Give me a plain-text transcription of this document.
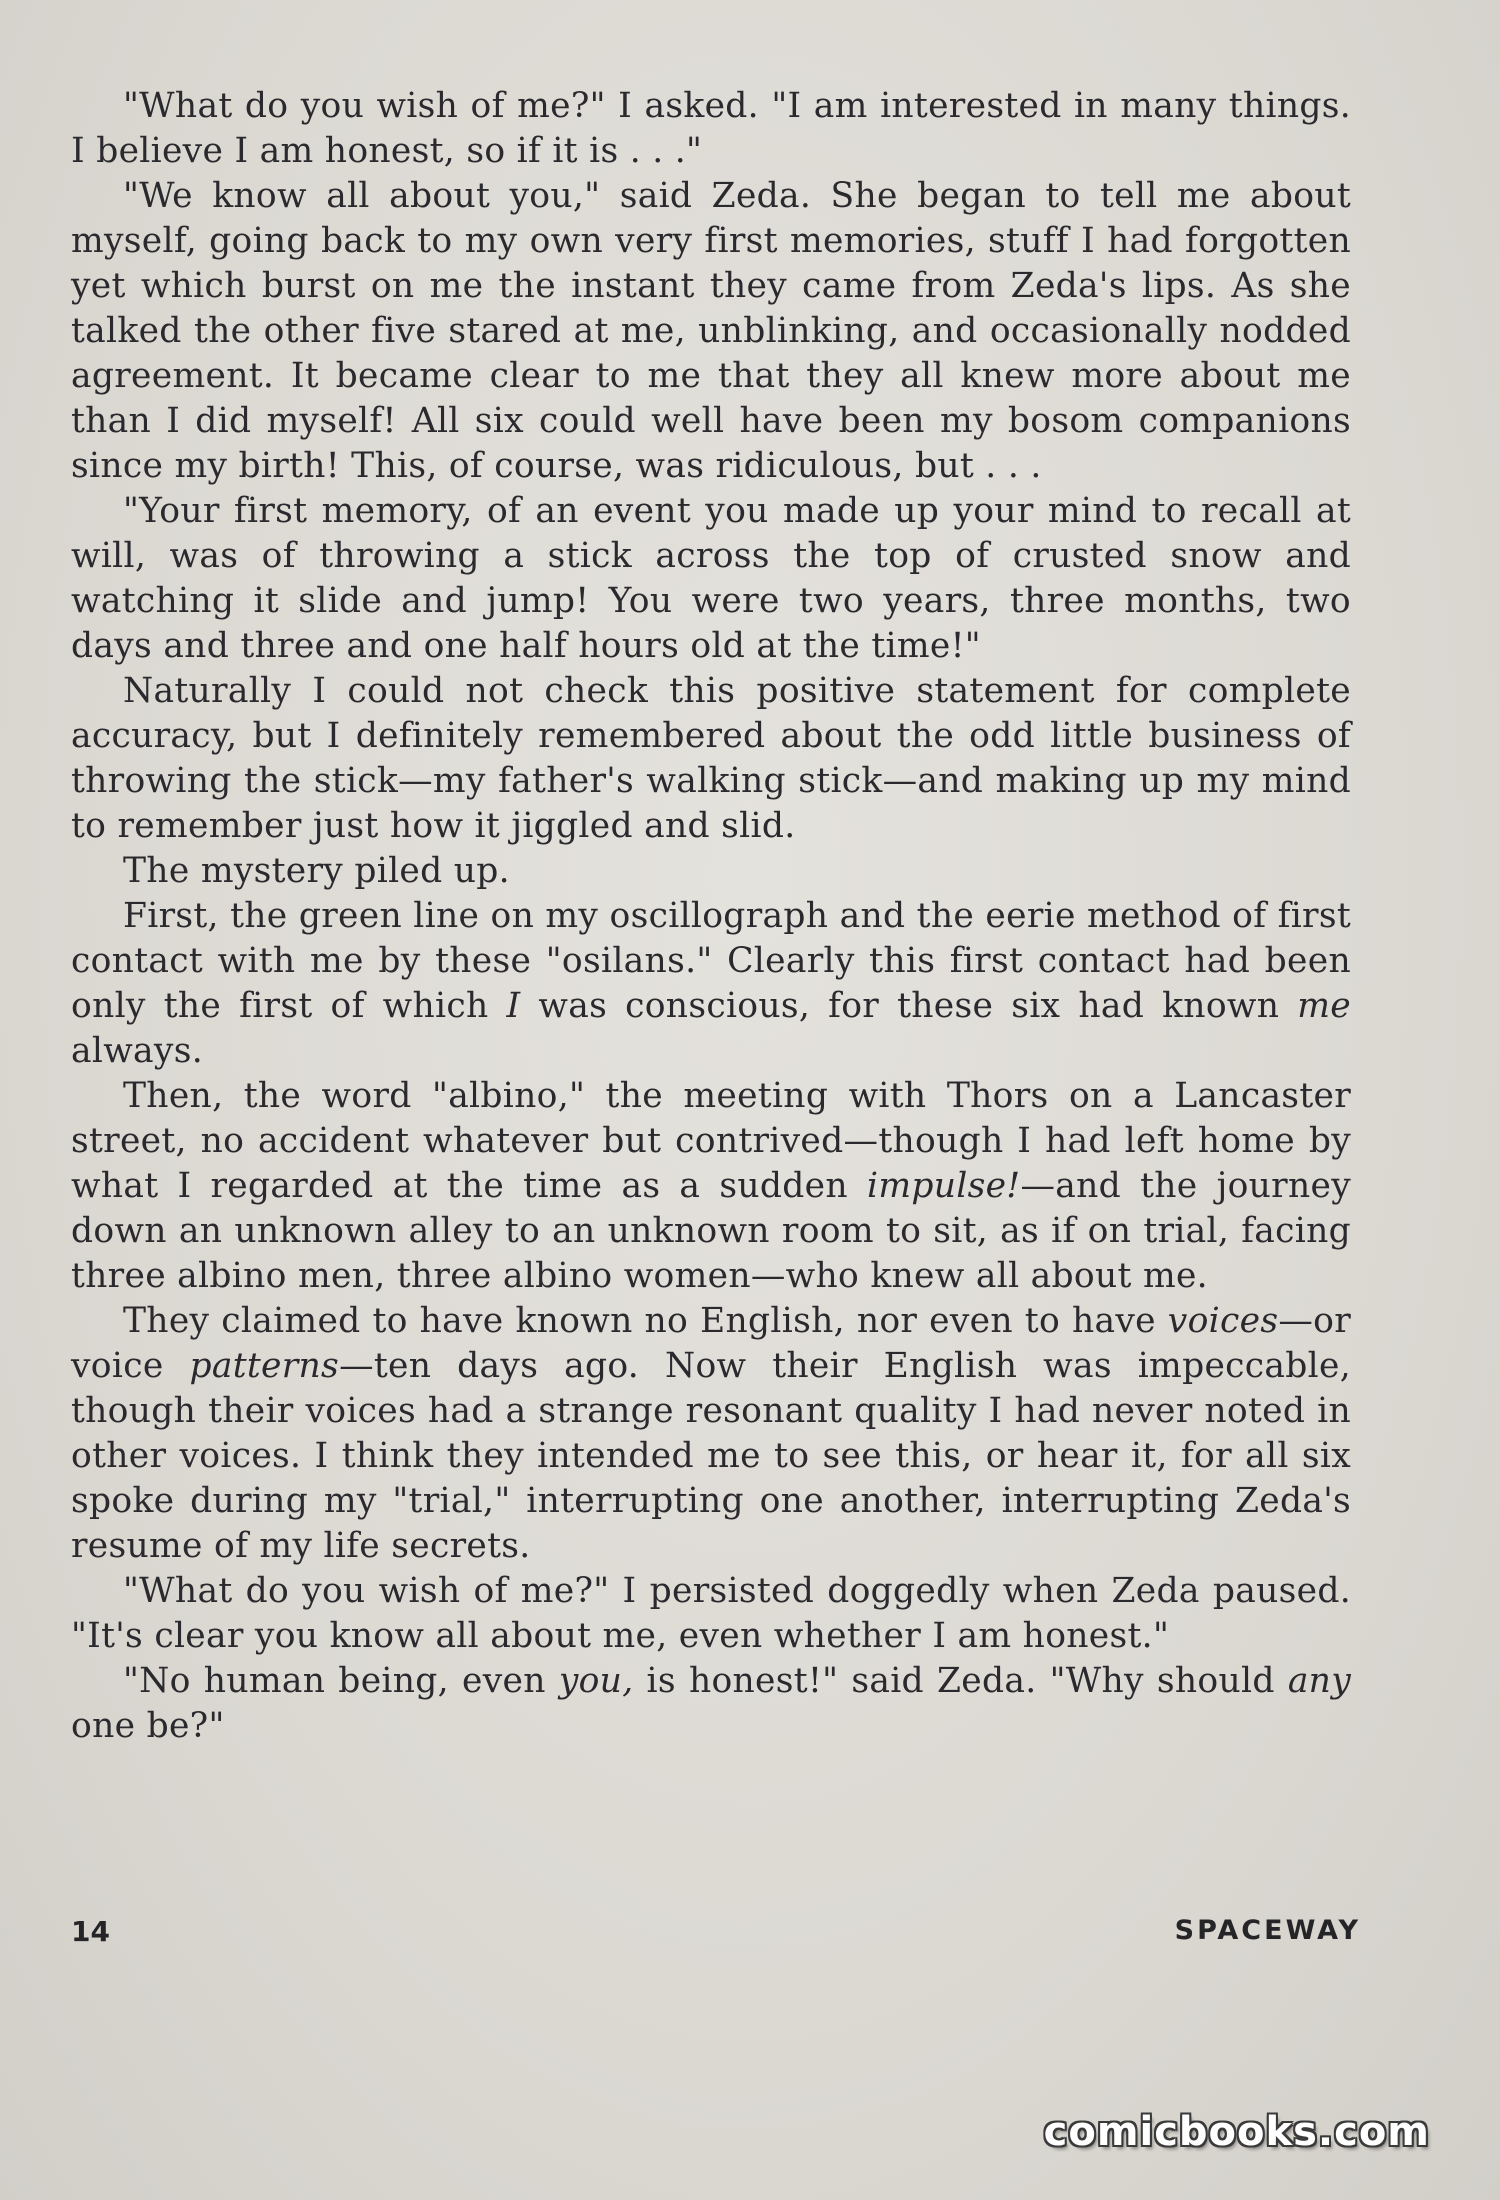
"What do you wish of me?" I asked. "I am interested in many things. I believe I am honest, so if it is . . ."

"We know all about you," said Zeda. She began to tell me about myself, going back to my own very first memories, stuff I had forgotten yet which burst on me the instant they came from Zeda's lips. As she talked the other five stared at me, unblinking, and occasionally nodded agreement. It became clear to me that they all knew more about me than I did myself! All six could well have been my bosom companions since my birth! This, of course, was ridiculous, but . . .

"Your first memory, of an event you made up your mind to recall at will, was of throwing a stick across the top of crusted snow and watching it slide and jump! You were two years, three months, two days and three and one half hours old at the time!"

Naturally I could not check this positive statement for complete accuracy, but I definitely remembered about the odd little business of throwing the stick—my father's walking stick—and making up my mind to remember just how it jiggled and slid.

The mystery piled up.

First, the green line on my oscillograph and the eerie method of first contact with me by these "osilans." Clearly this first contact had been only the first of which I was conscious, for these six had known me always.

Then, the word "albino," the meeting with Thors on a Lancaster street, no accident whatever but contrived—though I had left home by what I regarded at the time as a sudden impulse!—and the journey down an unknown alley to an unknown room to sit, as if on trial, facing three albino men, three albino women—who knew all about me.

They claimed to have known no English, nor even to have voices—or voice patterns—ten days ago. Now their English was impeccable, though their voices had a strange resonant quality I had never noted in other voices. I think they intended me to see this, or hear it, for all six spoke during my "trial," interrupting one another, interrupting Zeda's resume of my life secrets.

"What do you wish of me?" I persisted doggedly when Zeda paused. "It's clear you know all about me, even whether I am honest."

"No human being, even you, is honest!" said Zeda. "Why should any one be?"

14	SPACEWAY
comicbooks.com
